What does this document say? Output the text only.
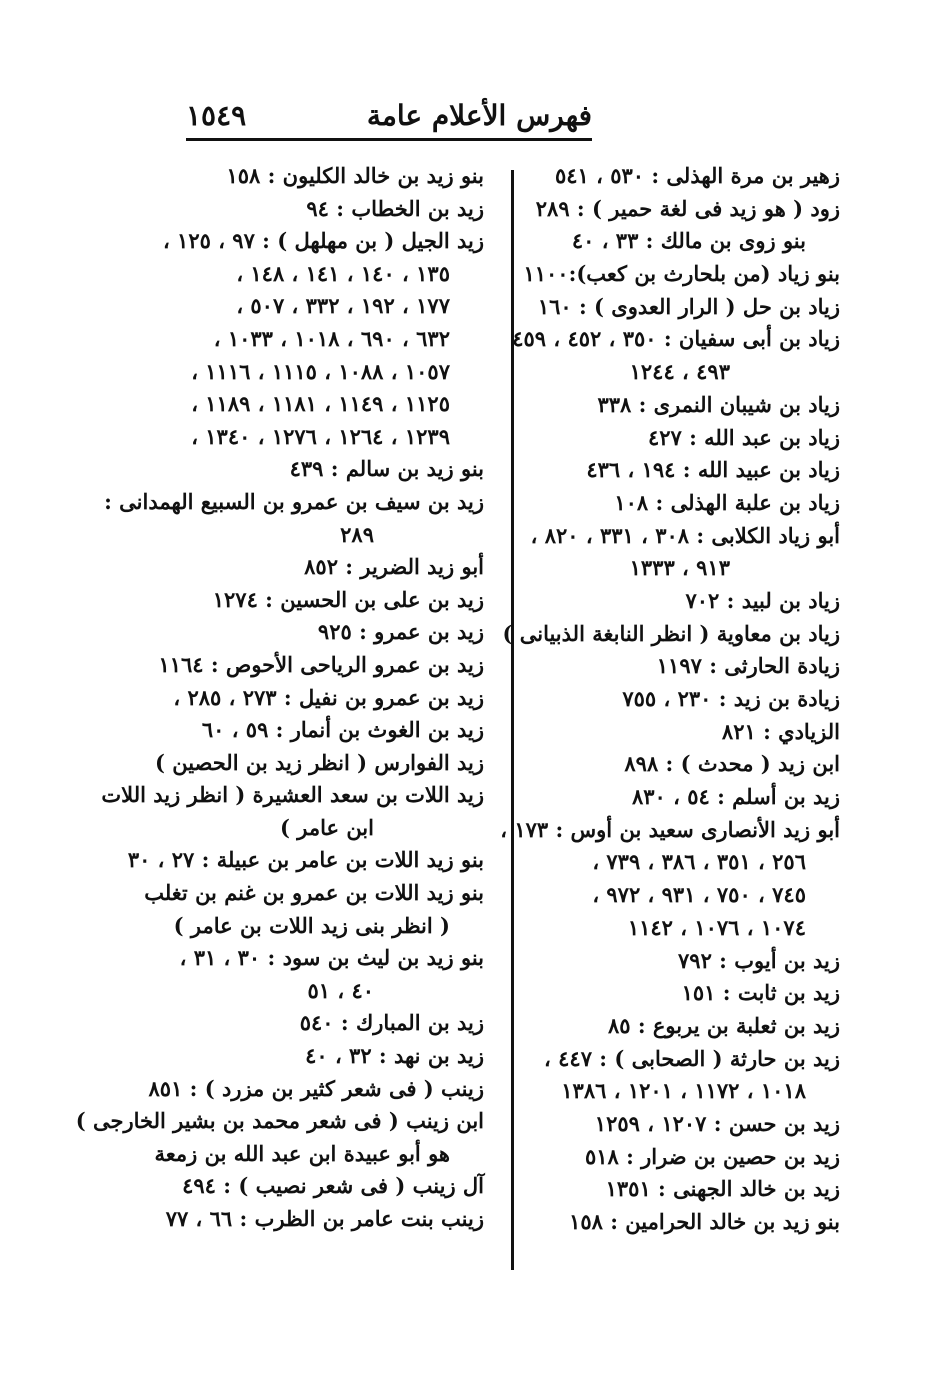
١٥٤٩	فهرس الأعلام عامة
زهير بن مرة الهذلى : ٥٣٠ ، ٥٤١
زود ( هو زيد فى لغة حمير ) : ٢٨٩
بنو زوى بن مالك : ٣٣ ، ٤٠
بنو زياد (من بلحارث بن كعب):١١٠٠
زياد بن حل ( الرار العدوى ) : ١٦٠
زياد بن أبى سفيان : ٣٥٠ ، ٤٥٢ ، ٤٥٩
٤٩٣ ، ١٢٤٤
زياد بن شيبان النمرى : ٣٣٨
زياد بن عبد الله : ٤٢٧
زياد بن عبيد الله : ١٩٤ ، ٤٣٦
زياد بن علبة الهذلى : ١٠٨
أبو زياد الكلابى : ٣٠٨ ، ٣٣١ ، ٨٢٠ ،
٩١٣ ، ١٣٣٣
زياد بن لبيد : ٧٠٢
زياد بن معاوية ( انظر النابغة الذبيانى )
زيادة الحارثى : ١١٩٧
زيادة بن زيد : ٢٣٠ ، ٧٥٥
الزيادي : ٨٢١
ابن زيد ( محدث ) : ٨٩٨
زيد بن أسلم : ٥٤ ، ٨٣٠
أبو زيد الأنصارى سعيد بن أوس : ١٧٣ ،
٢٥٦ ، ٣٥١ ، ٣٨٦ ، ٧٣٩ ،
٧٤٥ ، ٧٥٠ ، ٩٣١ ، ٩٧٢ ،
١٠٧٤ ، ١٠٧٦ ، ١١٤٢
زيد بن أيوب : ٧٩٢
زيد بن ثابت : ١٥١
زيد بن ثعلبة بن يربوع : ٨٥
زيد بن حارثة ( الصحابى ) : ٤٤٧ ،
١٠١٨ ، ١١٧٢ ، ١٢٠١ ، ١٣٨٦
زيد بن حسن : ١٢٠٧ ، ١٢٥٩
زيد بن حصين بن ضرار : ٥١٨
زيد بن خالد الجهنى : ١٣٥١
بنو زيد بن خالد الحرامين : ١٥٨
بنو زيد بن خالد الكليون : ١٥٨
زيد بن الخطاب : ٩٤
زيد الجيل ( بن مهلهل ) : ٩٧ ، ١٢٥ ،
١٣٥ ، ١٤٠ ، ١٤١ ، ١٤٨ ،
١٧٧ ، ١٩٢ ، ٣٣٢ ، ٥٠٧ ،
٦٣٢ ، ٦٩٠ ، ١٠١٨ ، ١٠٣٣ ،
١٠٥٧ ، ١٠٨٨ ، ١١١٥ ، ١١١٦ ،
١١٢٥ ، ١١٤٩ ، ١١٨١ ، ١١٨٩ ،
١٢٣٩ ، ١٢٦٤ ، ١٢٧٦ ، ١٣٤٠ ،
بنو زيد بن سالم : ٤٣٩
زيد بن سيف بن عمرو بن السبيع الهمدانى :
٢٨٩
أبو زيد الضرير : ٨٥٢
زيد بن على بن الحسين : ١٢٧٤
زيد بن عمرو : ٩٢٥
زيد بن عمرو الرياحى الأحوص : ١١٦٤
زيد بن عمرو بن نفيل : ٢٧٣ ، ٢٨٥ ،
زيد بن الغوث بن أنمار : ٥٩ ، ٦٠
زيد الفوارس ( انظر زيد بن الحصين )
زيد اللات بن سعد العشيرة ( انظر زيد اللات
ابن عامر )
بنو زيد اللات بن عامر بن عبيلة : ٢٧ ، ٣٠
بنو زيد اللات بن عمرو بن غنم بن تغلب
( انظر بنى زيد اللات بن عامر )
بنو زيد بن ليث بن سود : ٣٠ ، ٣١ ،
٤٠ ، ٥١
زيد بن المبارك : ٥٤٠
زيد بن نهد : ٣٢ ، ٤٠
زينب ( فى شعر كثير بن مزرد ) : ٨٥١
ابن زينب ( فى شعر محمد بن بشير الخارجى )
هو أبو عبيدة ابن عبد الله بن زمعة
آل زينب ( فى شعر نصيب ) : ٤٩٤
زينب بنت عامر بن الظرب : ٦٦ ، ٧٧
